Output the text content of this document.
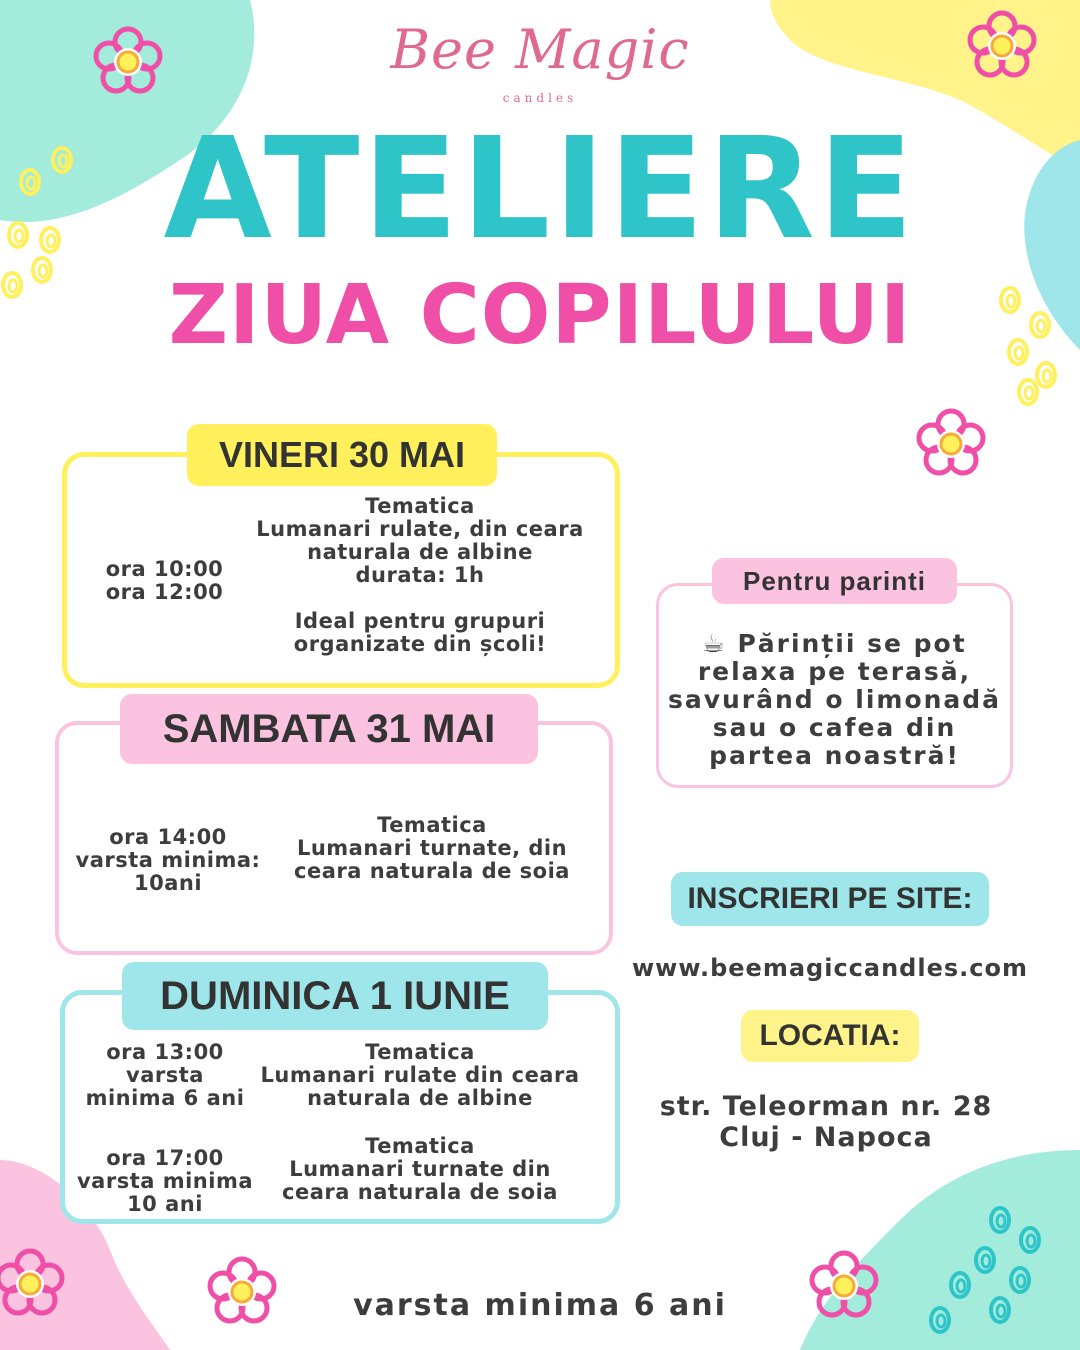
Bee Magic
candles
ATELIERE
ZIUA COPILULUI
VINERI 30 MAI
ora 10:00
ora 12:00
Tematica
Lumanari rulate, din ceara
naturala de albine
durata: 1h
Ideal pentru grupuri
organizate din școli!
SAMBATA 31 MAI
ora 14:00
varsta minima:
10ani
Tematica
Lumanari turnate, din
ceara naturala de soia
DUMINICA 1 IUNIE
ora 13:00
varsta
minima 6 ani
Tematica
Lumanari rulate din ceara
naturala de albine
ora 17:00
varsta minima
10 ani
Tematica
Lumanari turnate din
ceara naturala de soia
Pentru parinti
☕ Părinții se pot
relaxa pe terasă,
savurând o limonadă
sau o cafea din
partea noastră!
INSCRIERI PE SITE:
www.beemagiccandles.com
LOCATIA:
str. Teleorman nr. 28
Cluj - Napoca
varsta minima 6 ani
